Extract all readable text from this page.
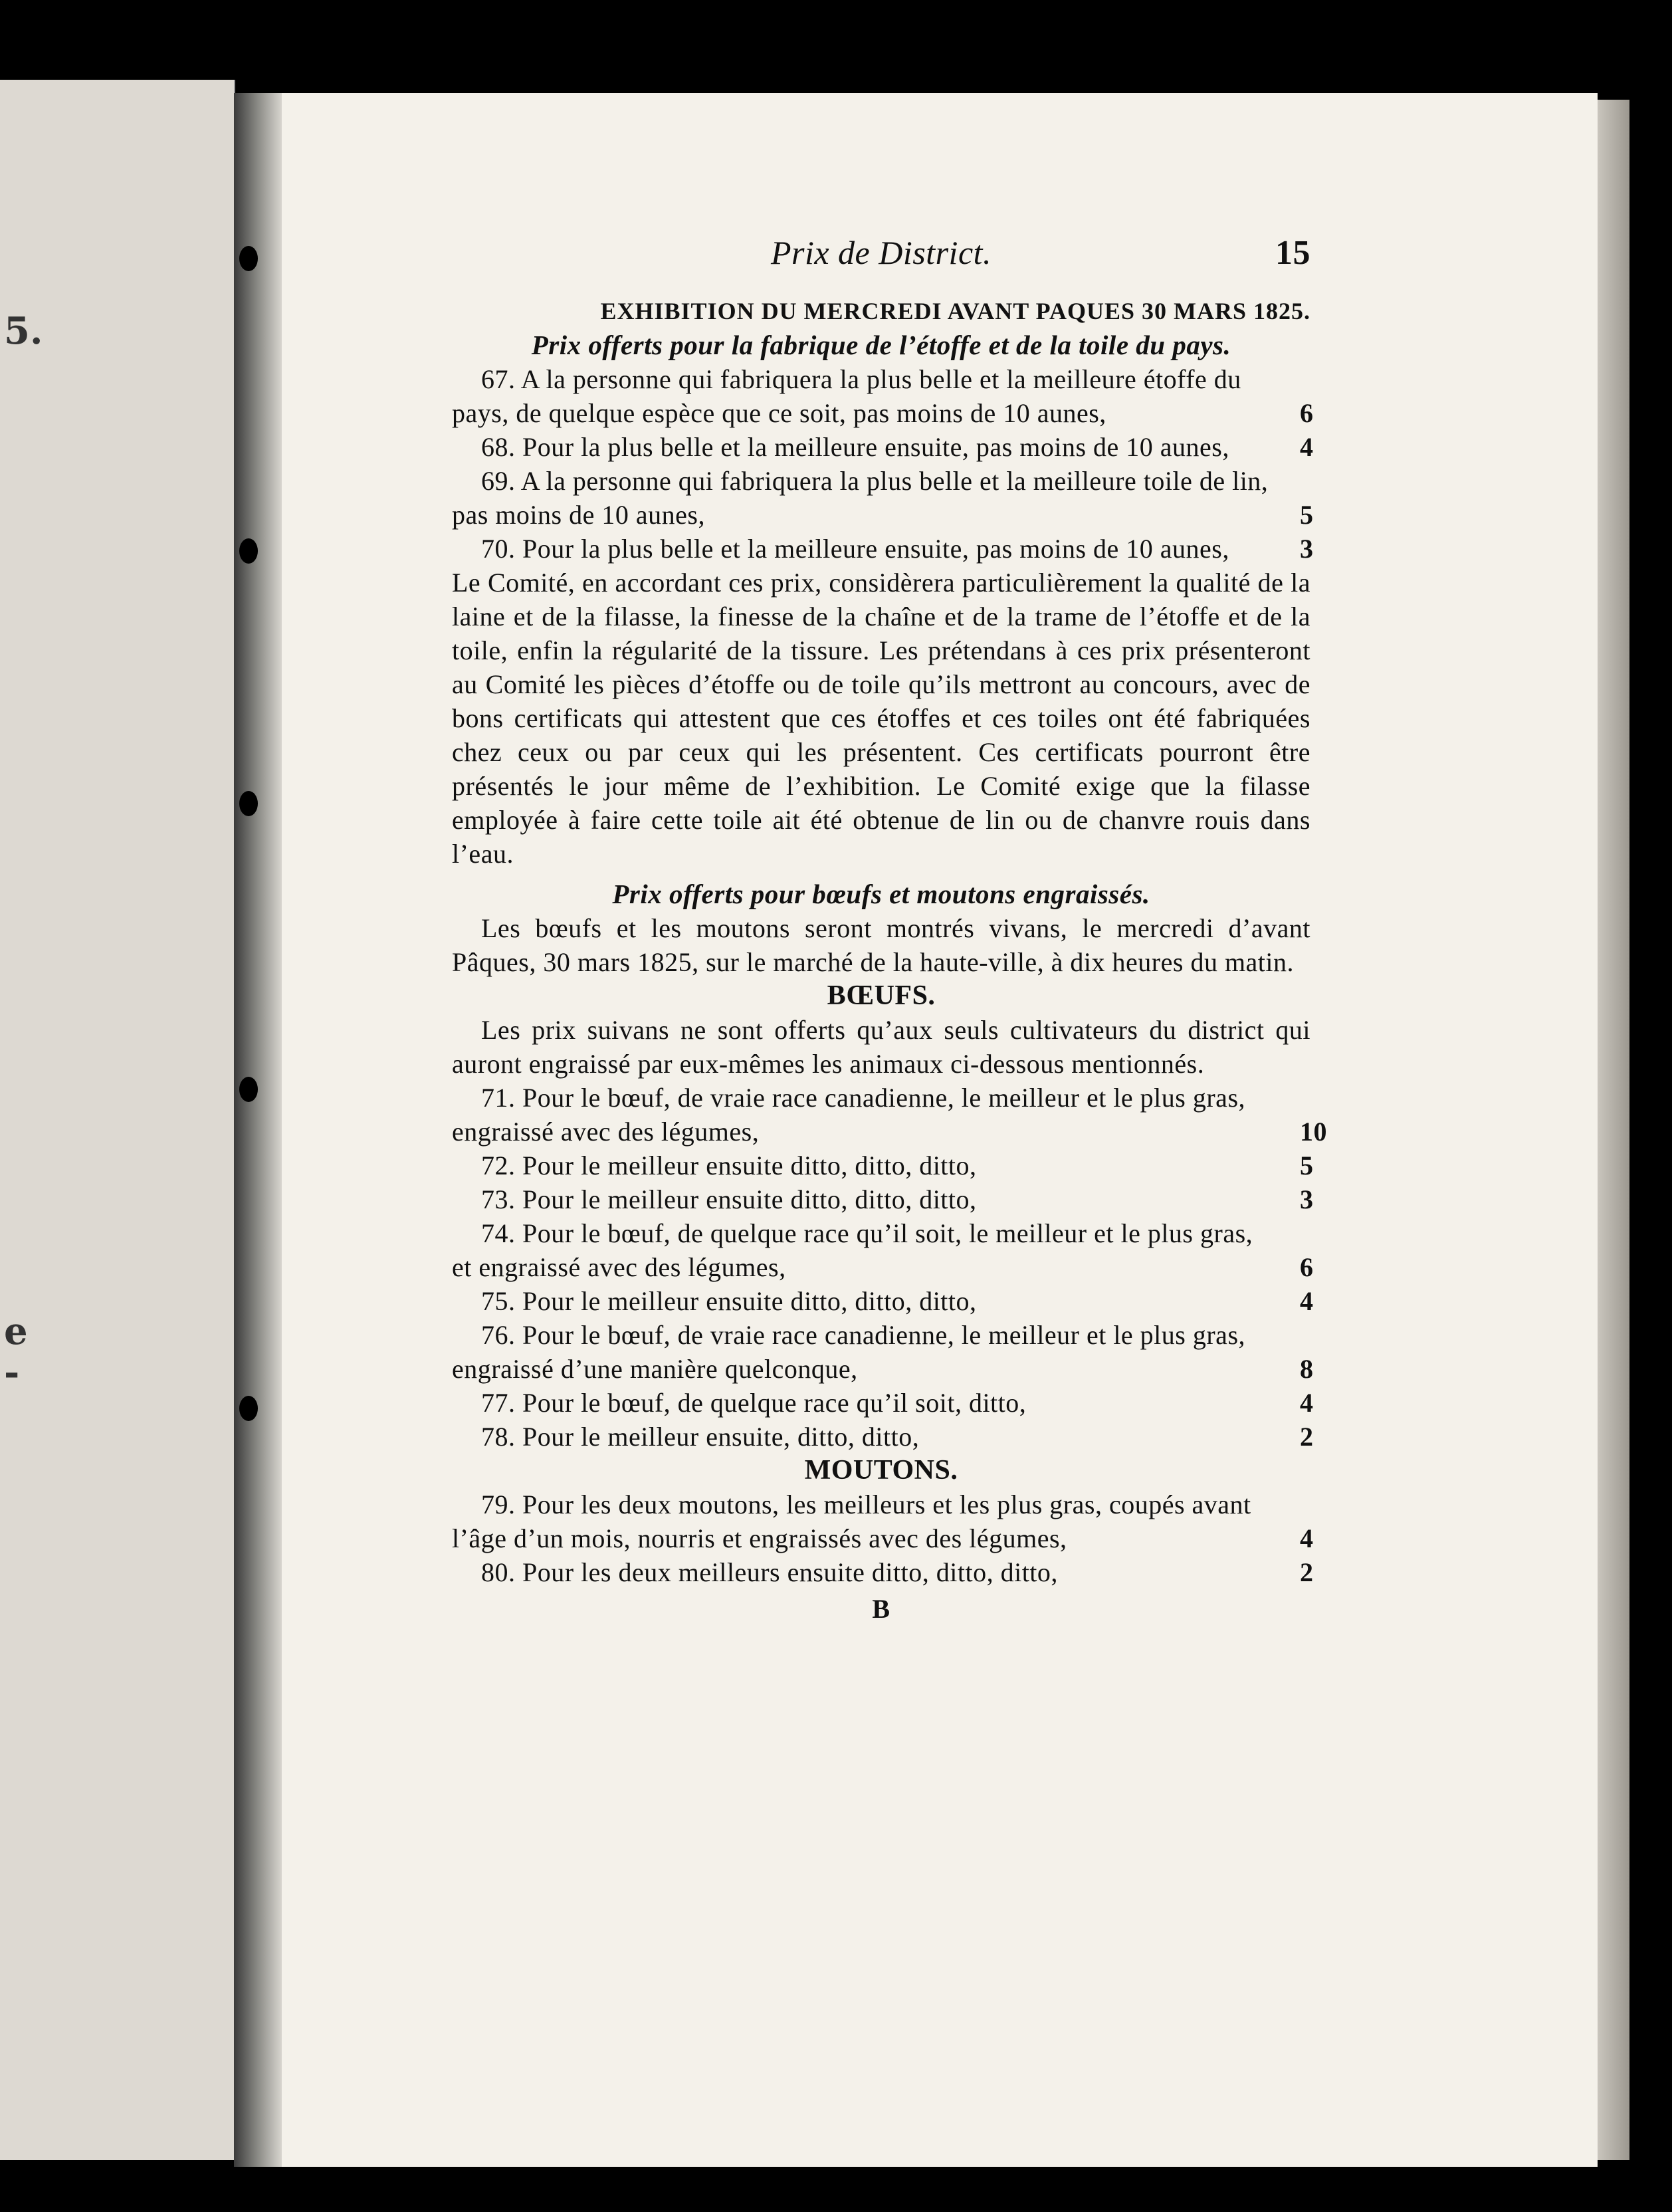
5.
e
-
Prix de District.	15
EXHIBITION DU MERCREDI AVANT PAQUES 30 MARS 1825.
Prix offerts pour la fabrique de l’étoffe et de la toile du pays.
67. A la personne qui fabriquera la plus belle et la meilleure étoffe du pays, de quelque espèce que ce soit, pas moins de 10 aunes,	6
68. Pour la plus belle et la meilleure ensuite, pas moins de 10 aunes,	4
69. A la personne qui fabriquera la plus belle et la meilleure toile de lin, pas moins de 10 aunes,	5
70. Pour la plus belle et la meilleure ensuite, pas moins de 10 aunes,	3
Le Comité, en accordant ces prix, considèrera particulièrement la qualité de la laine et de la filasse, la finesse de la chaîne et de la trame de l’étoffe et de la toile, enfin la régularité de la tissure. Les prétendans à ces prix présenteront au Comité les pièces d’étoffe ou de toile qu’ils mettront au concours, avec de bons certificats qui attestent que ces étoffes et ces toiles ont été fabriquées chez ceux ou par ceux qui les présentent. Ces certificats pourront être présentés le jour même de l’exhibition. Le Comité exige que la filasse employée à faire cette toile ait été obtenue de lin ou de chanvre rouis dans l’eau.
Prix offerts pour bœufs et moutons engraissés.
Les bœufs et les moutons seront montrés vivans, le mercredi d’avant Pâques, 30 mars 1825, sur le marché de la haute-ville, à dix heures du matin.
BŒUFS.
Les prix suivans ne sont offerts qu’aux seuls cultivateurs du district qui auront engraissé par eux-mêmes les animaux ci-dessous mentionnés.
71. Pour le bœuf, de vraie race canadienne, le meilleur et le plus gras, engraissé avec des légumes,	10
72. Pour le meilleur ensuite ditto, ditto, ditto,	5
73. Pour le meilleur ensuite ditto, ditto, ditto,	3
74. Pour le bœuf, de quelque race qu’il soit, le meilleur et le plus gras, et engraissé avec des légumes,	6
75. Pour le meilleur ensuite ditto, ditto, ditto,	4
76. Pour le bœuf, de vraie race canadienne, le meilleur et le plus gras, engraissé d’une manière quelconque,	8
77. Pour le bœuf, de quelque race qu’il soit, ditto,	4
78. Pour le meilleur ensuite, ditto, ditto,	2
MOUTONS.
79. Pour les deux moutons, les meilleurs et les plus gras, coupés avant l’âge d’un mois, nourris et engraissés avec des légumes,	4
80. Pour les deux meilleurs ensuite ditto, ditto, ditto,	2
B
